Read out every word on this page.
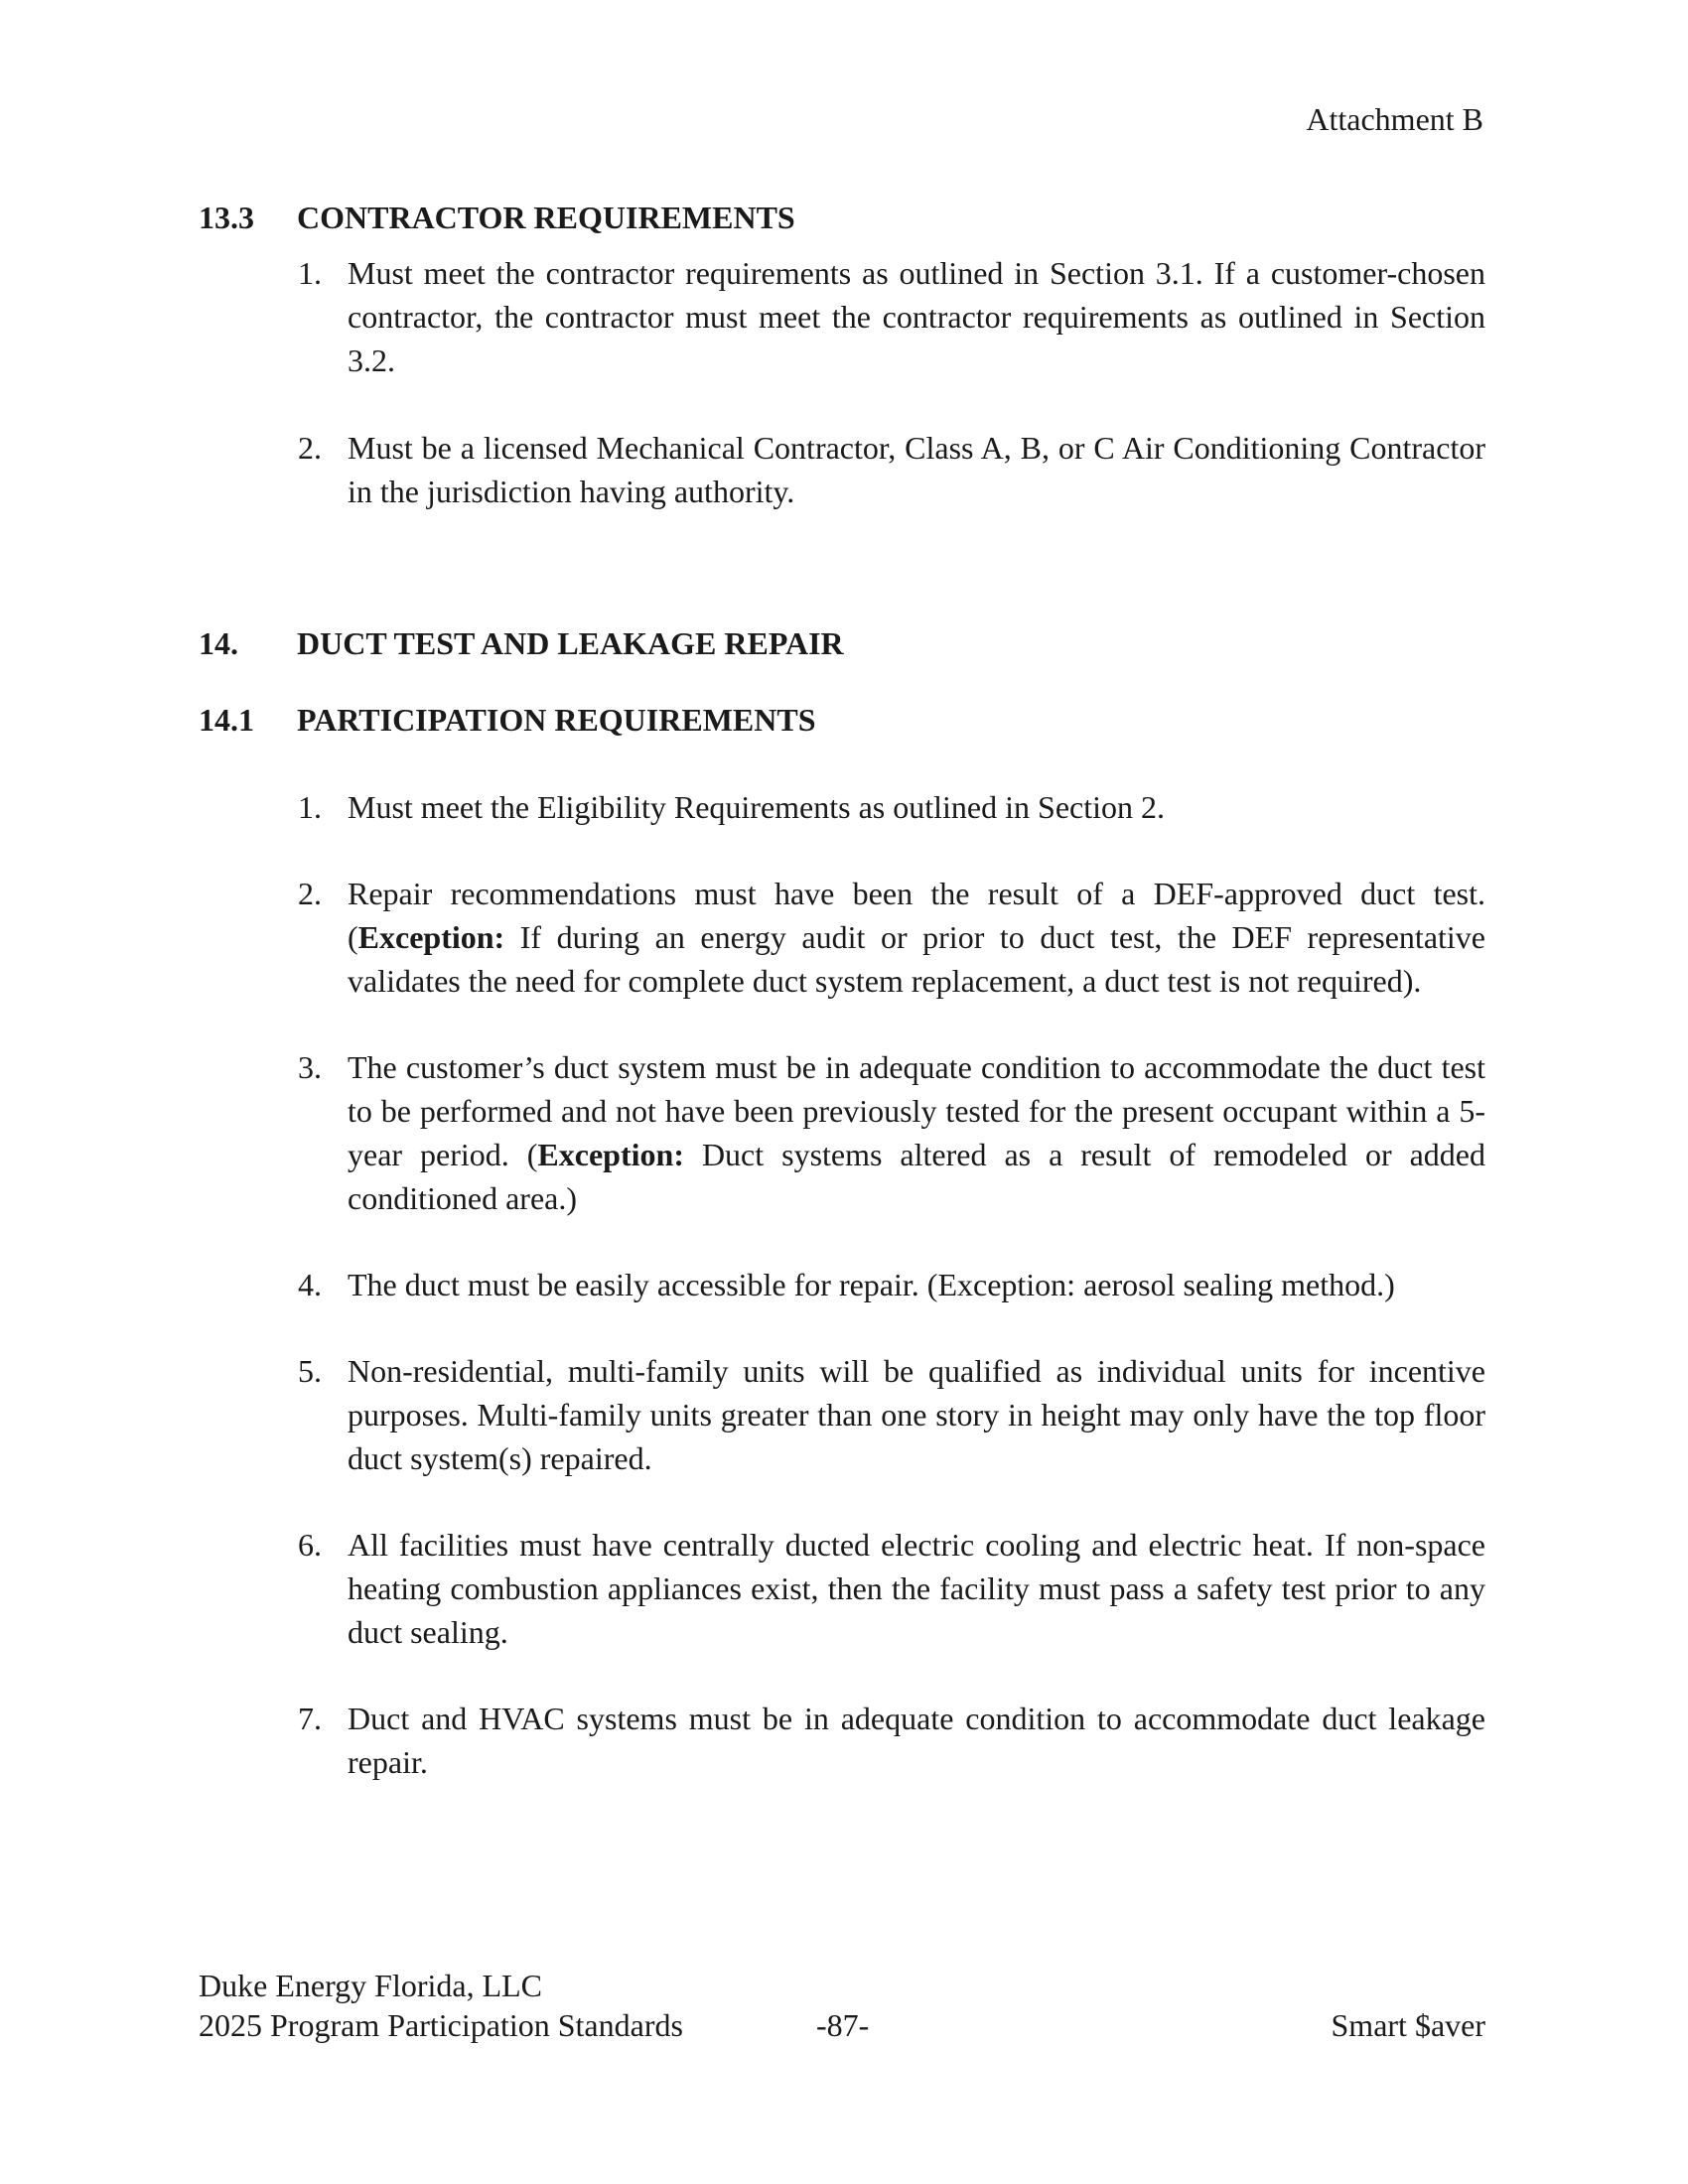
Attachment B
13.3 CONTRACTOR REQUIREMENTS
1. Must meet the contractor requirements as outlined in Section 3.1. If a customer-chosen contractor, the contractor must meet the contractor requirements as outlined in Section 3.2.
2. Must be a licensed Mechanical Contractor, Class A, B, or C Air Conditioning Contractor in the jurisdiction having authority.
14. DUCT TEST AND LEAKAGE REPAIR
14.1 PARTICIPATION REQUIREMENTS
1. Must meet the Eligibility Requirements as outlined in Section 2.
2. Repair recommendations must have been the result of a DEF-approved duct test. (Exception: If during an energy audit or prior to duct test, the DEF representative validates the need for complete duct system replacement, a duct test is not required).
3. The customer’s duct system must be in adequate condition to accommodate the duct test to be performed and not have been previously tested for the present occupant within a 5-year period. (Exception: Duct systems altered as a result of remodeled or added conditioned area.)
4. The duct must be easily accessible for repair. (Exception: aerosol sealing method.)
5. Non-residential, multi-family units will be qualified as individual units for incentive purposes. Multi-family units greater than one story in height may only have the top floor duct system(s) repaired.
6. All facilities must have centrally ducted electric cooling and electric heat. If non-space heating combustion appliances exist, then the facility must pass a safety test prior to any duct sealing.
7. Duct and HVAC systems must be in adequate condition to accommodate duct leakage repair.
Duke Energy Florida, LLC
2025 Program Participation Standards	-87-	Smart $aver
